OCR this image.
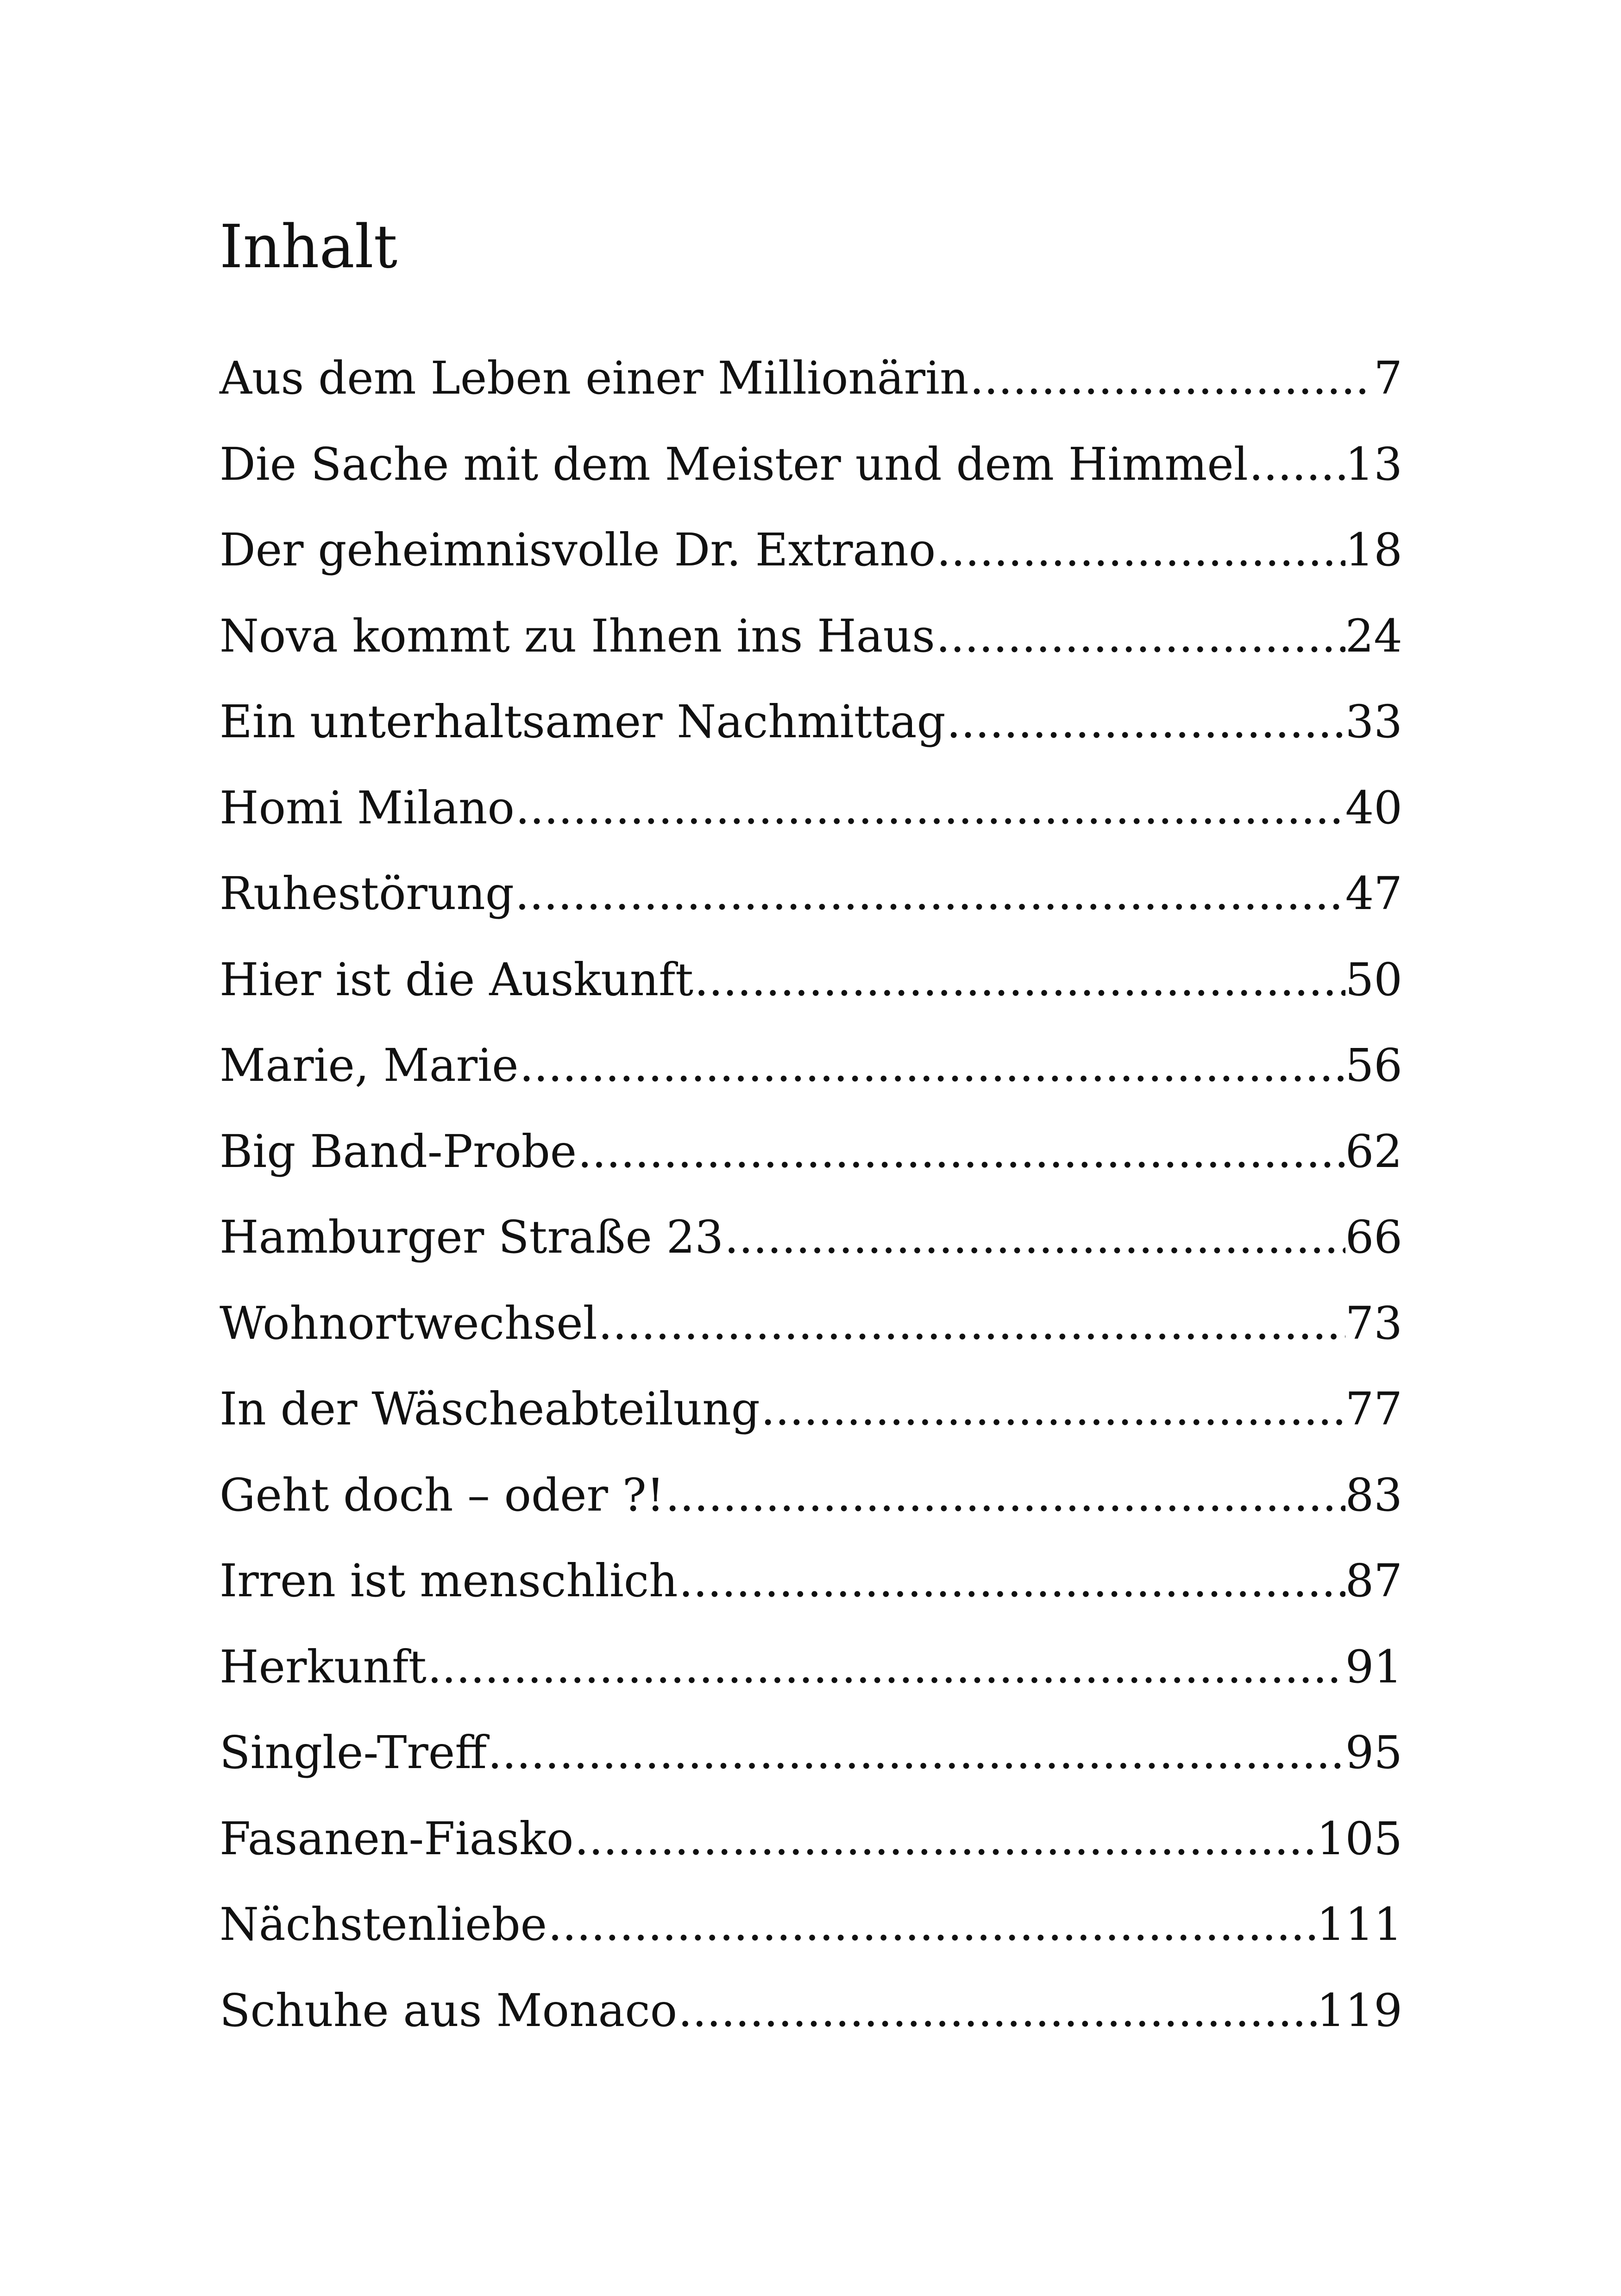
Inhalt
Aus dem Leben einer Millionärin .....	7
Die Sache mit dem Meister und dem Himmel ..... 13
Der geheimnisvolle Dr. Extrano .....	18
Nova kommt zu Ihnen ins Haus .....	24
Ein unterhaltsamer Nachmittag .....	33
Homi Milano .....	40
Ruhestörung .....	47
Hier ist die Auskunft .....	50
Marie, Marie .....	56
Big Band-Probe .....	62
Hamburger Straße 23 .....	66
Wohnortwechsel .....	73
In der Wäscheabteilung .....	77
Geht doch – oder ?! .....	83
Irren ist menschlich .....	87
Herkunft .....	91
Single-Treff .....	95
Fasanen-Fiasko .....	105
Nächstenliebe .....	111
Schuhe aus Monaco .....	119
